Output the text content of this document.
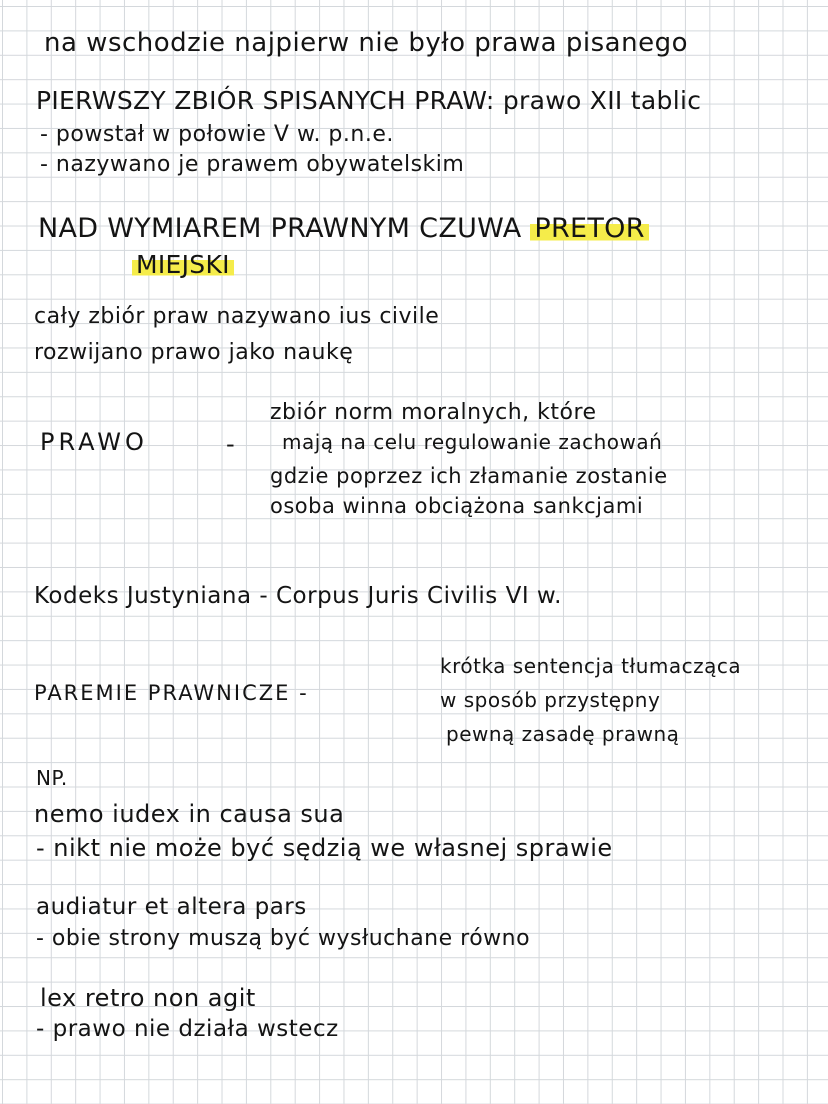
na wschodzie najpierw nie było prawa pisanego
PIERWSZY ZBIÓR SPISANYCH PRAW: prawo XII tablic
- powstał w połowie V w. p.n.e.
- nazywano je prawem obywatelskim
NAD WYMIAREM PRAWNYM CZUWA PRETOR
MIEJSKI
cały zbiór praw nazywano ius civile
rozwijano prawo jako naukę
PRAWO	-
zbiór norm moralnych, które
mają na celu regulowanie zachowań
gdzie poprzez ich złamanie zostanie
osoba winna obciążona sankcjami
Kodeks Justyniana - Corpus Juris Civilis VI w.
PAREMIE PRAWNICZE -
krótka sentencja tłumacząca
w sposób przystępny
pewną zasadę prawną
NP.
nemo iudex in causa sua
- nikt nie może być sędzią we własnej sprawie
audiatur et altera pars
- obie strony muszą być wysłuchane równo
lex retro non agit
- prawo nie działa wstecz
